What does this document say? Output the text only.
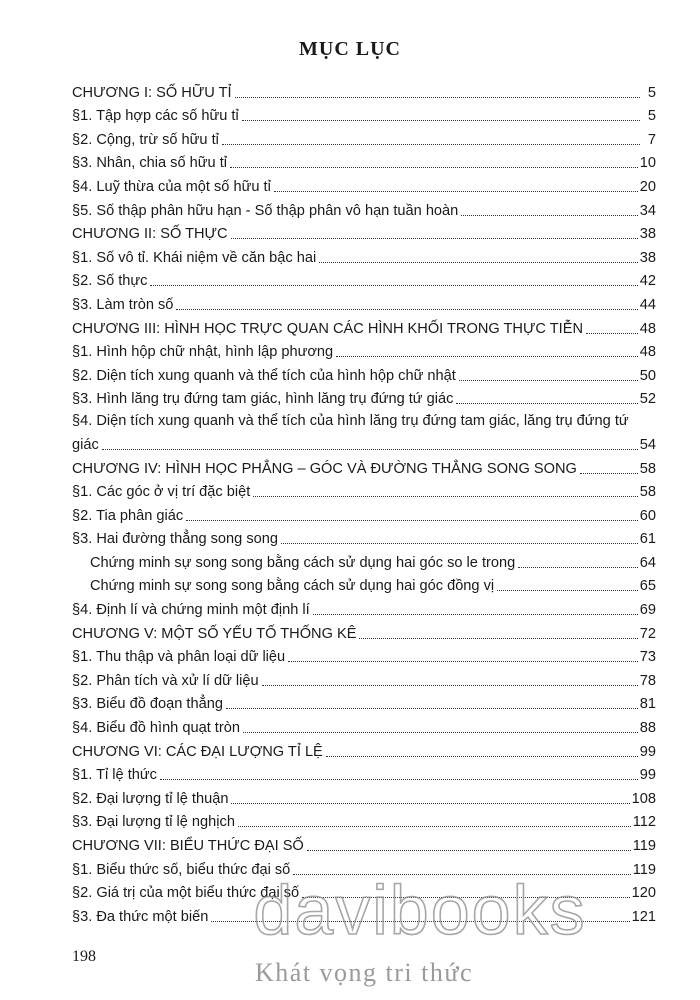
MỤC LỤC
CHƯƠNG I: SỐ HỮU TỈ	5
§1. Tập hợp các số hữu tỉ	5
§2. Cộng, trừ số hữu tỉ	7
§3. Nhân, chia số hữu tỉ	10
§4. Luỹ thừa của một số hữu tỉ	20
§5. Số thập phân hữu hạn - Số thập phân vô hạn tuần hoàn	34
CHƯƠNG II: SỐ THỰC	38
§1. Số vô tỉ. Khái niệm về căn bậc hai	38
§2. Số thực	42
§3. Làm tròn số	44
CHƯƠNG III: HÌNH HỌC TRỰC QUAN CÁC HÌNH KHỐI TRONG THỰC TIỄN	48
§1. Hình hộp chữ nhật, hình lập phương	48
§2. Diện tích xung quanh và thể tích của hình hộp chữ nhật	50
§3. Hình lăng trụ đứng tam giác, hình lăng trụ đứng tứ giác	52
§4. Diện tích xung quanh và thể tích của hình lăng trụ đứng tam giác, lăng trụ đứng tứ
giác	54
CHƯƠNG IV: HÌNH HỌC PHẲNG – GÓC VÀ ĐƯỜNG THẲNG SONG SONG	58
§1. Các góc ở vị trí đặc biệt	58
§2. Tia phân giác	60
§3. Hai đường thẳng song song	61
Chứng minh sự song song bằng cách sử dụng hai góc so le trong	64
Chứng minh sự song song bằng cách sử dụng hai góc đồng vị	65
§4. Định lí và chứng minh một định lí	69
CHƯƠNG V: MỘT SỐ YẾU TỐ THỐNG KÊ	72
§1. Thu thập và phân loại dữ liệu	73
§2. Phân tích và xử lí dữ liệu	78
§3. Biểu đồ đoạn thẳng	81
§4. Biểu đồ hình quạt tròn	88
CHƯƠNG VI: CÁC ĐẠI LƯỢNG TỈ LỆ	99
§1. Tỉ lệ thức	99
§2. Đại lượng tỉ lệ thuận	108
§3. Đại lượng tỉ lệ nghịch	112
CHƯƠNG VII: BIỂU THỨC ĐẠI SỐ	119
§1. Biểu thức số, biểu thức đại số	119
§2. Giá trị của một biểu thức đại số	120
§3. Đa thức một biến	121
198
davibooks
Khát vọng tri thức
